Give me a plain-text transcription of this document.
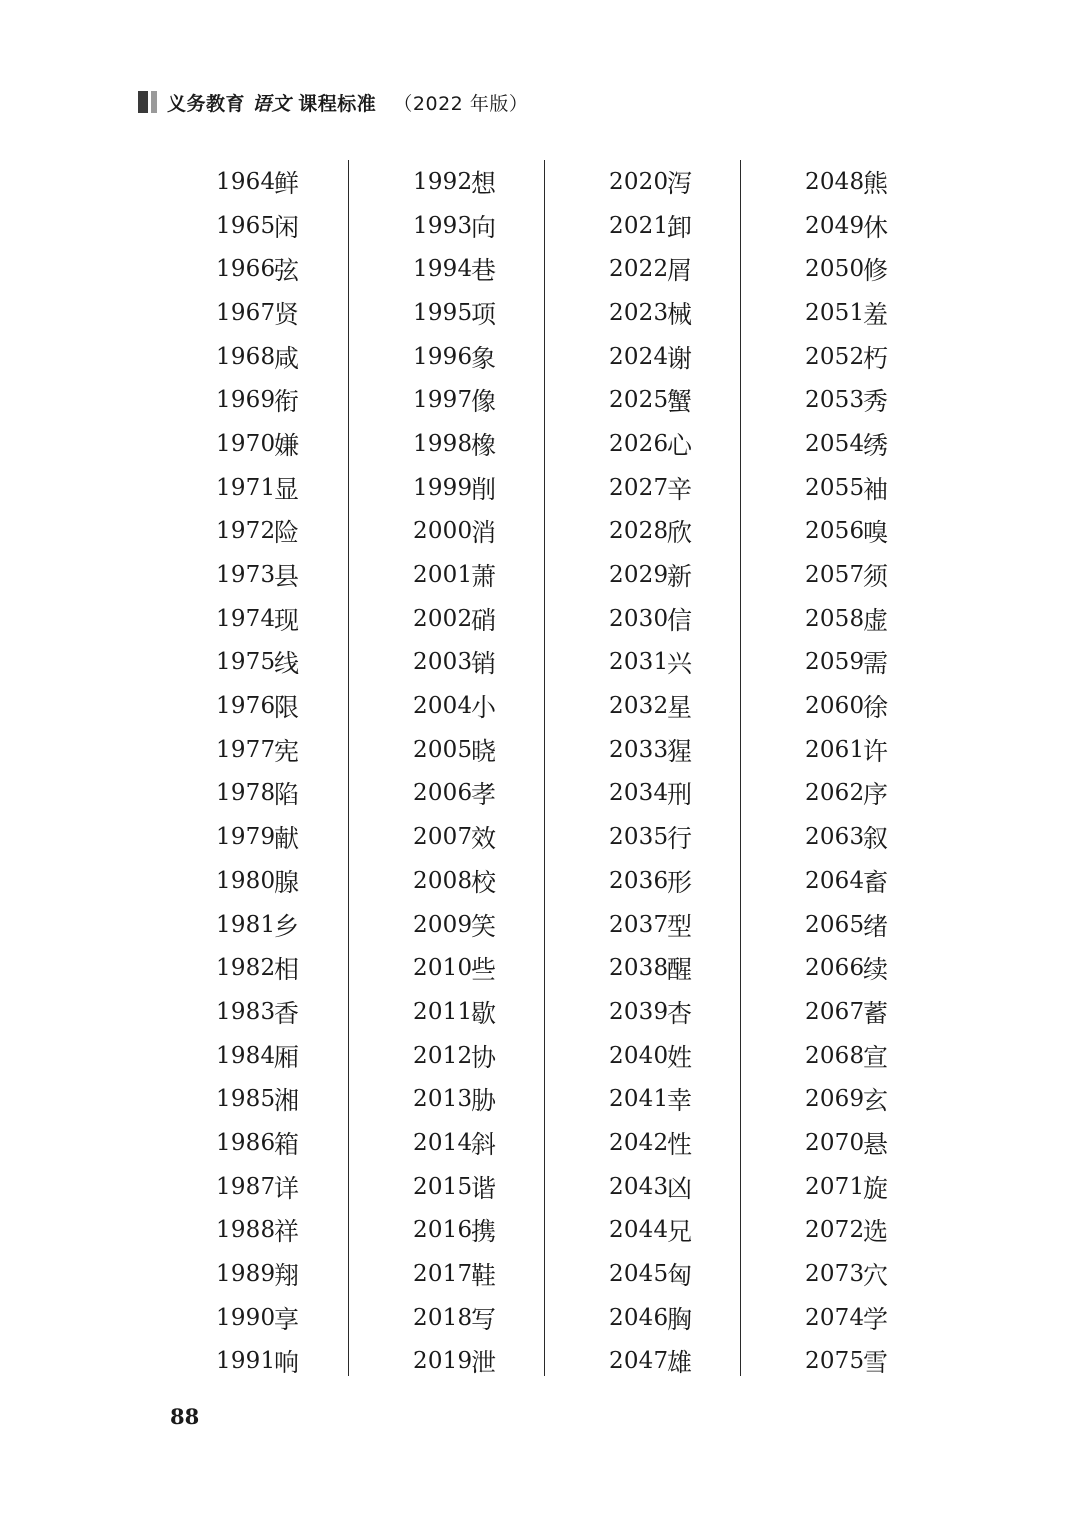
义务教育 语文 课程标准 （2022 年版）
1964
鲜
1965
闲
1966
弦
1967
贤
1968
咸
1969
衔
1970
嫌
1971
显
1972
险
1973
县
1974
现
1975
线
1976
限
1977
宪
1978
陷
1979
献
1980
腺
1981
乡
1982
相
1983
香
1984
厢
1985
湘
1986
箱
1987
详
1988
祥
1989
翔
1990
享
1991
响
1992
想
1993
向
1994
巷
1995
项
1996
象
1997
像
1998
橡
1999
削
2000
消
2001
萧
2002
硝
2003
销
2004
小
2005
晓
2006
孝
2007
效
2008
校
2009
笑
2010
些
2011
歇
2012
协
2013
胁
2014
斜
2015
谐
2016
携
2017
鞋
2018
写
2019
泄
2020
泻
2021
卸
2022
屑
2023
械
2024
谢
2025
蟹
2026
心
2027
辛
2028
欣
2029
新
2030
信
2031
兴
2032
星
2033
猩
2034
刑
2035
行
2036
形
2037
型
2038
醒
2039
杏
2040
姓
2041
幸
2042
性
2043
凶
2044
兄
2045
匈
2046
胸
2047
雄
2048
熊
2049
休
2050
修
2051
羞
2052
朽
2053
秀
2054
绣
2055
袖
2056
嗅
2057
须
2058
虚
2059
需
2060
徐
2061
许
2062
序
2063
叙
2064
畜
2065
绪
2066
续
2067
蓄
2068
宣
2069
玄
2070
悬
2071
旋
2072
选
2073
穴
2074
学
2075
雪
88
